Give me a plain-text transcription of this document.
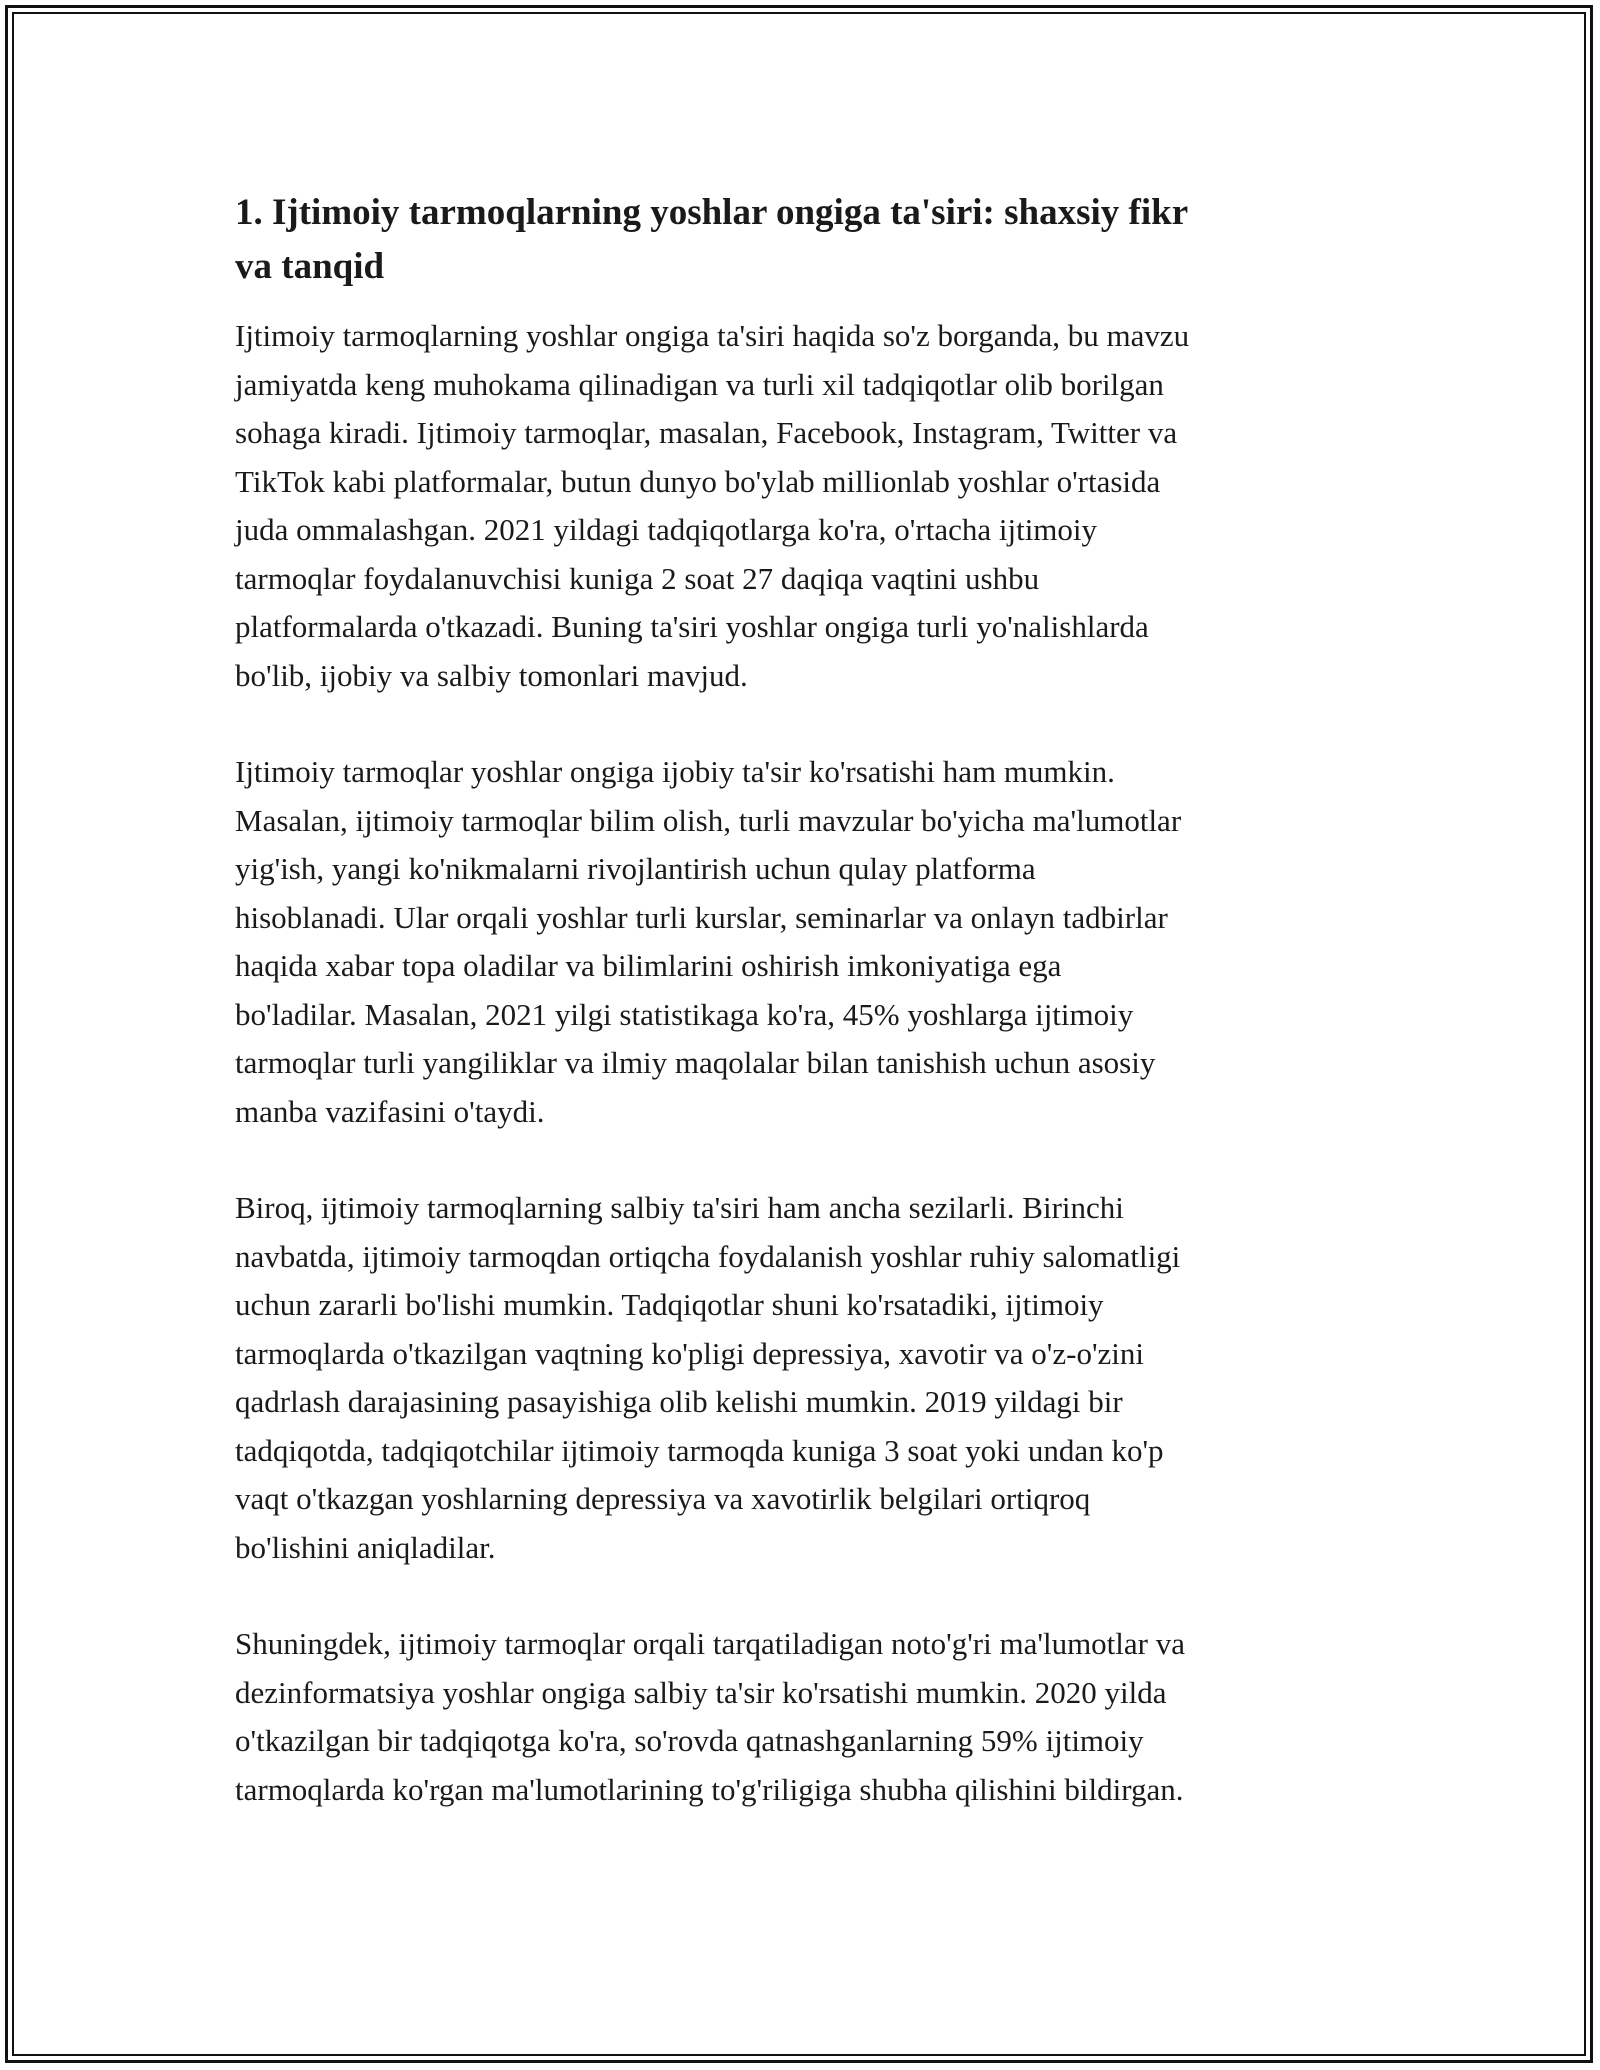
1. Ijtimoiy tarmoqlarning yoshlar ongiga ta'siri: shaxsiy fikr
va tanqid

Ijtimoiy tarmoqlarning yoshlar ongiga ta'siri haqida so'z borganda, bu mavzu
jamiyatda keng muhokama qilinadigan va turli xil tadqiqotlar olib borilgan
sohaga kiradi. Ijtimoiy tarmoqlar, masalan, Facebook, Instagram, Twitter va
TikTok kabi platformalar, butun dunyo bo'ylab millionlab yoshlar o'rtasida
juda ommalashgan. 2021 yildagi tadqiqotlarga ko'ra, o'rtacha ijtimoiy
tarmoqlar foydalanuvchisi kuniga 2 soat 27 daqiqa vaqtini ushbu
platformalarda o'tkazadi. Buning ta'siri yoshlar ongiga turli yo'nalishlarda
bo'lib, ijobiy va salbiy tomonlari mavjud.

Ijtimoiy tarmoqlar yoshlar ongiga ijobiy ta'sir ko'rsatishi ham mumkin.
Masalan, ijtimoiy tarmoqlar bilim olish, turli mavzular bo'yicha ma'lumotlar
yig'ish, yangi ko'nikmalarni rivojlantirish uchun qulay platforma
hisoblanadi. Ular orqali yoshlar turli kurslar, seminarlar va onlayn tadbirlar
haqida xabar topa oladilar va bilimlarini oshirish imkoniyatiga ega
bo'ladilar. Masalan, 2021 yilgi statistikaga ko'ra, 45% yoshlarga ijtimoiy
tarmoqlar turli yangiliklar va ilmiy maqolalar bilan tanishish uchun asosiy
manba vazifasini o'taydi.

Biroq, ijtimoiy tarmoqlarning salbiy ta'siri ham ancha sezilarli. Birinchi
navbatda, ijtimoiy tarmoqdan ortiqcha foydalanish yoshlar ruhiy salomatligi
uchun zararli bo'lishi mumkin. Tadqiqotlar shuni ko'rsatadiki, ijtimoiy
tarmoqlarda o'tkazilgan vaqtning ko'pligi depressiya, xavotir va o'z-o'zini
qadrlash darajasining pasayishiga olib kelishi mumkin. 2019 yildagi bir
tadqiqotda, tadqiqotchilar ijtimoiy tarmoqda kuniga 3 soat yoki undan ko'p
vaqt o'tkazgan yoshlarning depressiya va xavotirlik belgilari ortiqroq
bo'lishini aniqladilar.

Shuningdek, ijtimoiy tarmoqlar orqali tarqatiladigan noto'g'ri ma'lumotlar va
dezinformatsiya yoshlar ongiga salbiy ta'sir ko'rsatishi mumkin. 2020 yilda
o'tkazilgan bir tadqiqotga ko'ra, so'rovda qatnashganlarning 59% ijtimoiy
tarmoqlarda ko'rgan ma'lumotlarining to'g'riligiga shubha qilishini bildirgan.
